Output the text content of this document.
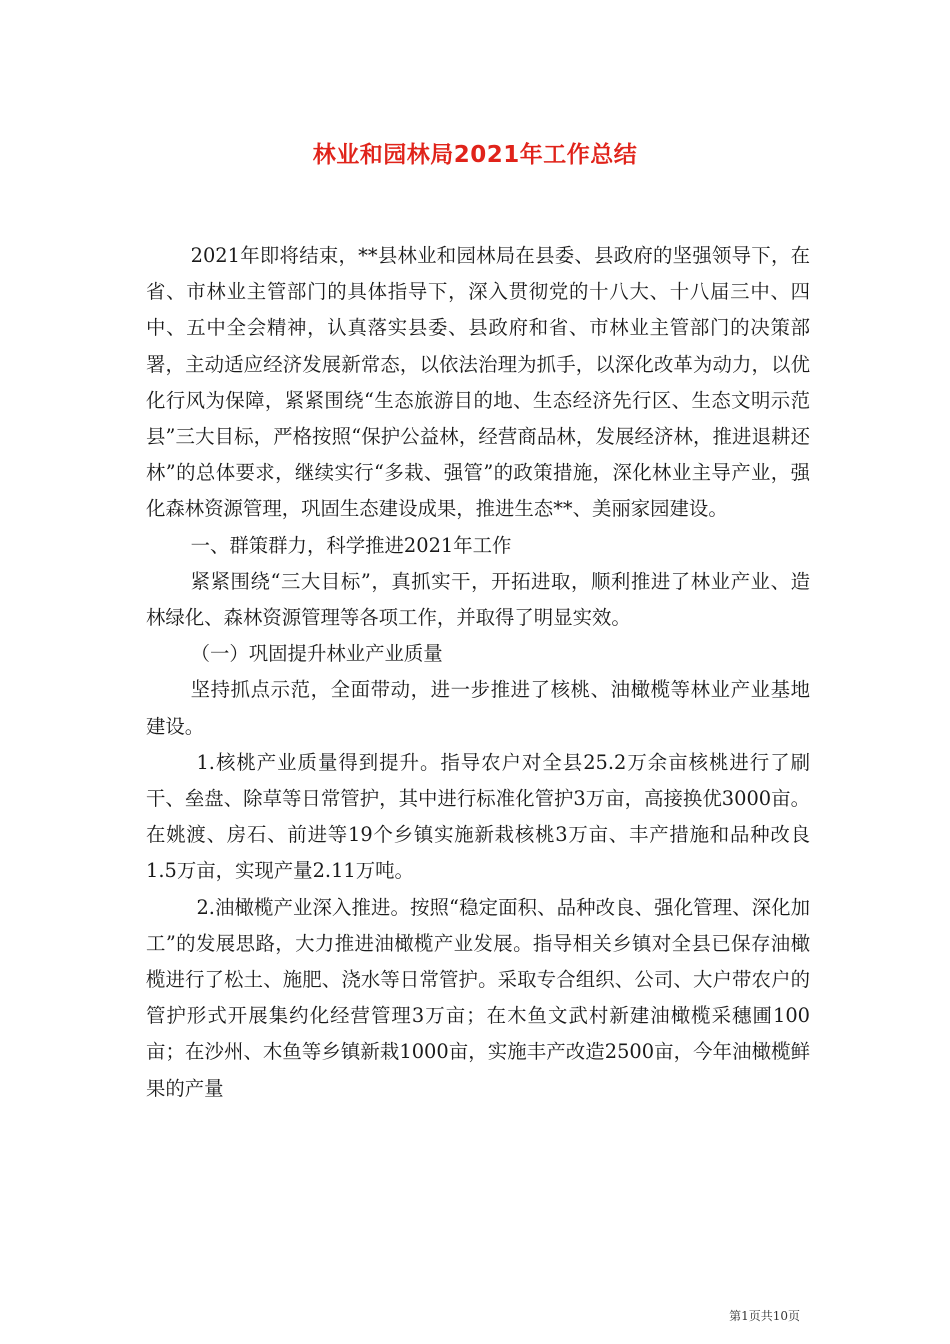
林业和园林局2021年工作总结

2021年即将结束，**县林业和园林局在县委、县政府的坚强领导下，在省、市林业主管部门的具体指导下，深入贯彻党的十八大、十八届三中、四中、五中全会精神，认真落实县委、县政府和省、市林业主管部门的决策部署，主动适应经济发展新常态，以依法治理为抓手，以深化改革为动力，以优化行风为保障，紧紧围绕“生态旅游目的地、生态经济先行区、生态文明示范县”三大目标，严格按照“保护公益林，经营商品林，发展经济林，推进退耕还林”的总体要求，继续实行“多栽、强管”的政策措施，深化林业主导产业，强化森林资源管理，巩固生态建设成果，推进生态**、美丽家园建设。

一、群策群力，科学推进2021年工作

紧紧围绕“三大目标”，真抓实干，开拓进取，顺利推进了林业产业、造林绿化、森林资源管理等各项工作，并取得了明显实效。

（一）巩固提升林业产业质量

坚持抓点示范，全面带动，进一步推进了核桃、油橄榄等林业产业基地建设。

1.核桃产业质量得到提升。指导农户对全县25.2万余亩核桃进行了刷干、垒盘、除草等日常管护，其中进行标准化管护3万亩，高接换优3000亩。在姚渡、房石、前进等19个乡镇实施新栽核桃3万亩、丰产措施和品种改良1.5万亩，实现产量2.11万吨。

2.油橄榄产业深入推进。按照“稳定面积、品种改良、强化管理、深化加工”的发展思路，大力推进油橄榄产业发展。指导相关乡镇对全县已保存油橄榄进行了松土、施肥、浇水等日常管护。采取专合组织、公司、大户带农户的管护形式开展集约化经营管理3万亩；在木鱼文武村新建油橄榄采穗圃100亩；在沙州、木鱼等乡镇新栽1000亩，实施丰产改造2500亩，今年油橄榄鲜果的产量

第1页共10页
